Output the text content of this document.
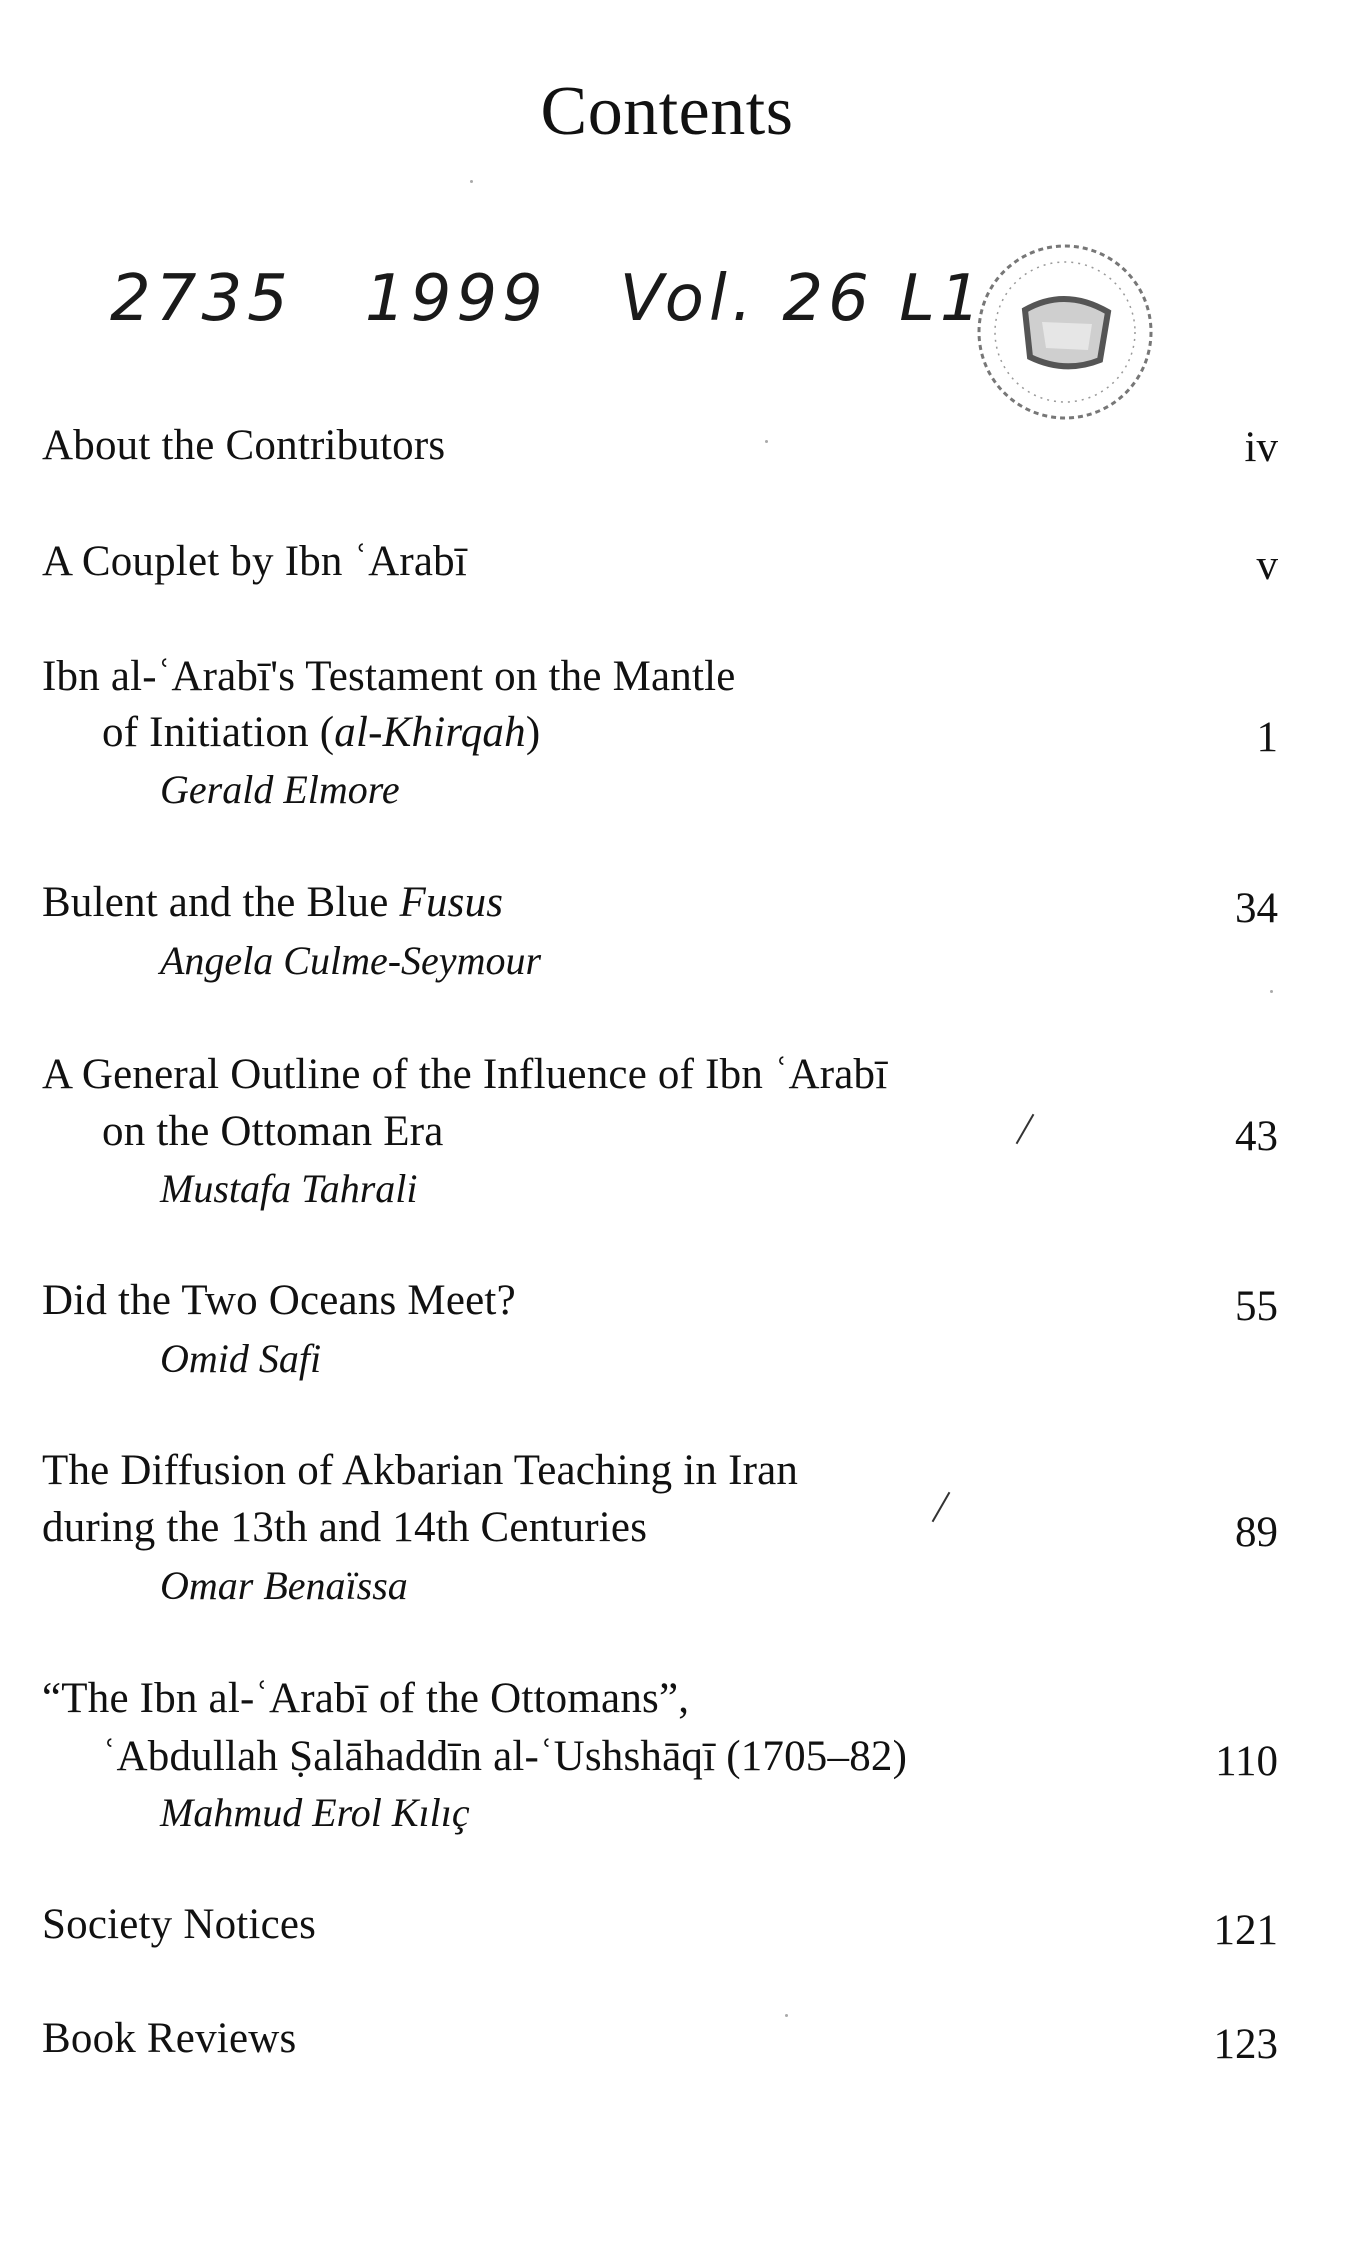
Contents
2735 1999 Vol. 26 L1
About the Contributors	iv
A Couplet by Ibn ʿArabī	v
Ibn al-ʿArabī's Testament on the Mantle
of Initiation (al-Khirqah)	1
Gerald Elmore
Bulent and the Blue Fusus	34
Angela Culme-Seymour
A General Outline of the Influence of Ibn ʿArabī
on the Ottoman Era	43
Mustafa Tahrali
Did the Two Oceans Meet?	55
Omid Safi
The Diffusion of Akbarian Teaching in Iran
during the 13th and 14th Centuries	89
Omar Benaïssa
“The Ibn al-ʿArabī of the Ottomans”,
ʿAbdullah Ṣalāhaddīn al-ʿUshshāqī (1705–82)	110
Mahmud Erol Kılıç
Society Notices	121
Book Reviews	123
